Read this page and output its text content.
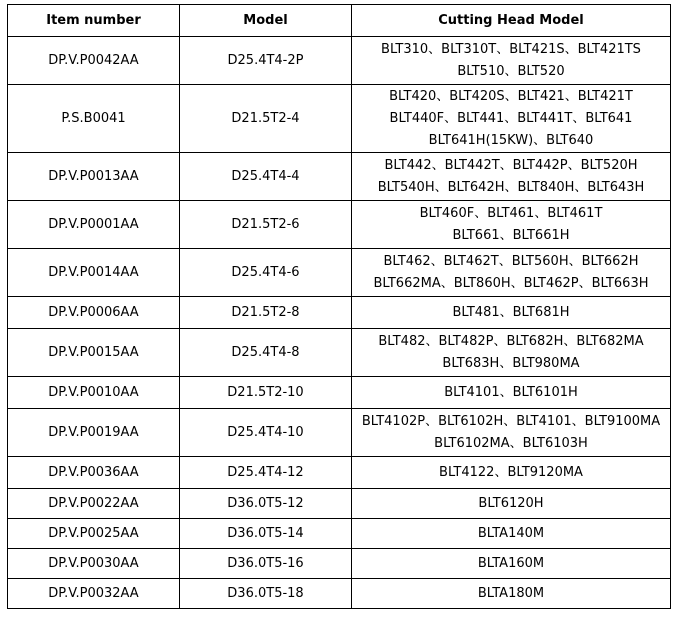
Item number	Model	Cutting Head Model
DP.V.P0042AA	D25.4T4-2P	BLT310、BLT310T、BLT421S、BLT421TS
BLT510、BLT520

P.S.B0041	D21.5T2-4	BLT420、BLT420S、BLT421、BLT421T
BLT440F、BLT441、BLT441T、BLT641
BLT641H(15KW)、BLT640

DP.V.P0013AA	D25.4T4-4	BLT442、BLT442T、BLT442P、BLT520H
BLT540H、BLT642H、BLT840H、BLT643H

DP.V.P0001AA	D21.5T2-6	BLT460F、BLT461、BLT461T
BLT661、BLT661H

DP.V.P0014AA	D25.4T4-6	BLT462、BLT462T、BLT560H、BLT662H
BLT662MA、BLT860H、BLT462P、BLT663H

DP.V.P0006AA	D21.5T2-8	BLT481、BLT681H

DP.V.P0015AA	D25.4T4-8	BLT482、BLT482P、BLT682H、BLT682MA
BLT683H、BLT980MA

DP.V.P0010AA	D21.5T2-10	BLT4101、BLT6101H

DP.V.P0019AA	D25.4T4-10	BLT4102P、BLT6102H、BLT4101、BLT9100MA
BLT6102MA、BLT6103H

DP.V.P0036AA	D25.4T4-12	BLT4122、BLT9120MA

DP.V.P0022AA	D36.0T5-12	BLT6120H

DP.V.P0025AA	D36.0T5-14	BLTA140M

DP.V.P0030AA	D36.0T5-16	BLTA160M

DP.V.P0032AA	D36.0T5-18	BLTA180M
